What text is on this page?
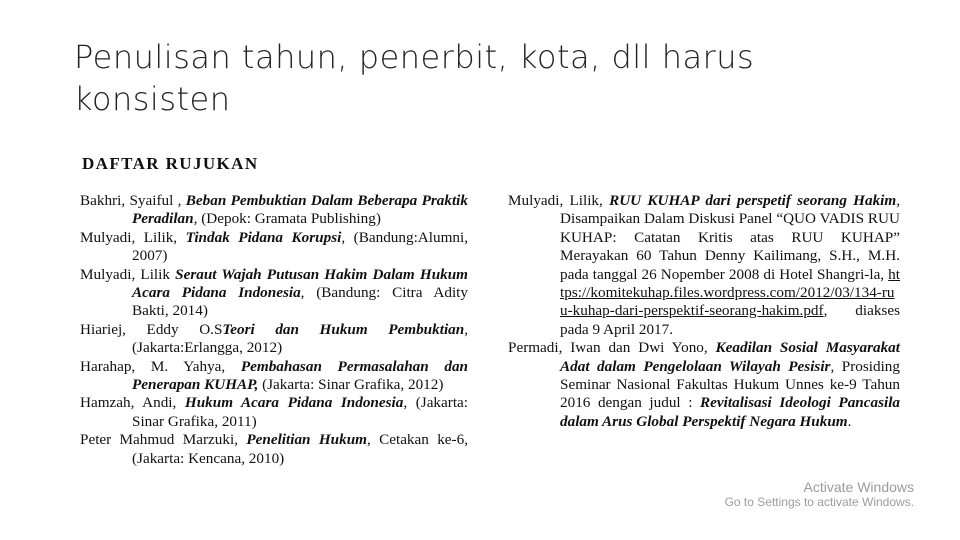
Penulisan tahun, penerbit, kota, dll harus konsisten
DAFTAR RUJUKAN

Bakhri, Syaiful , Beban Pembuktian Dalam Beberapa Praktik Peradilan, (Depok: Gramata Publishing)

Mulyadi, Lilik, Tindak Pidana Korupsi, (Bandung:Alumni, 2007)

Mulyadi, Lilik Seraut Wajah Putusan Hakim Dalam Hukum Acara Pidana Indonesia, (Bandung: Citra Adity Bakti, 2014)

Hiariej, Eddy O.STeori dan Hukum Pembuktian, (Jakarta:Erlangga, 2012)

Harahap, M. Yahya, Pembahasan Permasalahan dan Penerapan KUHAP, (Jakarta: Sinar Grafika, 2012)

Hamzah, Andi, Hukum Acara Pidana Indonesia, (Jakarta: Sinar Grafika, 2011)

Peter Mahmud Marzuki, Penelitian Hukum, Cetakan ke-6, (Jakarta: Kencana, 2010)

Mulyadi, Lilik, RUU KUHAP dari perspetif seorang Hakim, Disampaikan Dalam Diskusi Panel “QUO VADIS RUU KUHAP: Catatan Kritis atas RUU KUHAP” Merayakan 60 Tahun Denny Kailimang, S.H., M.H. pada tanggal 26 Nopember 2008 di Hotel Shangri-la, https://komitekuhap.files.wordpress.com/2012/03/134-ruu-kuhap-dari-perspektif-seorang-hakim.pdf, diakses pada 9 April 2017.

Permadi, Iwan dan Dwi Yono, Keadilan Sosial Masyarakat Adat dalam Pengelolaan Wilayah Pesisir, Prosiding Seminar Nasional Fakultas Hukum Unnes ke-9 Tahun 2016 dengan judul : Revitalisasi Ideologi Pancasila dalam Arus Global Perspektif Negara Hukum.

Activate Windows
Go to Settings to activate Windows.
